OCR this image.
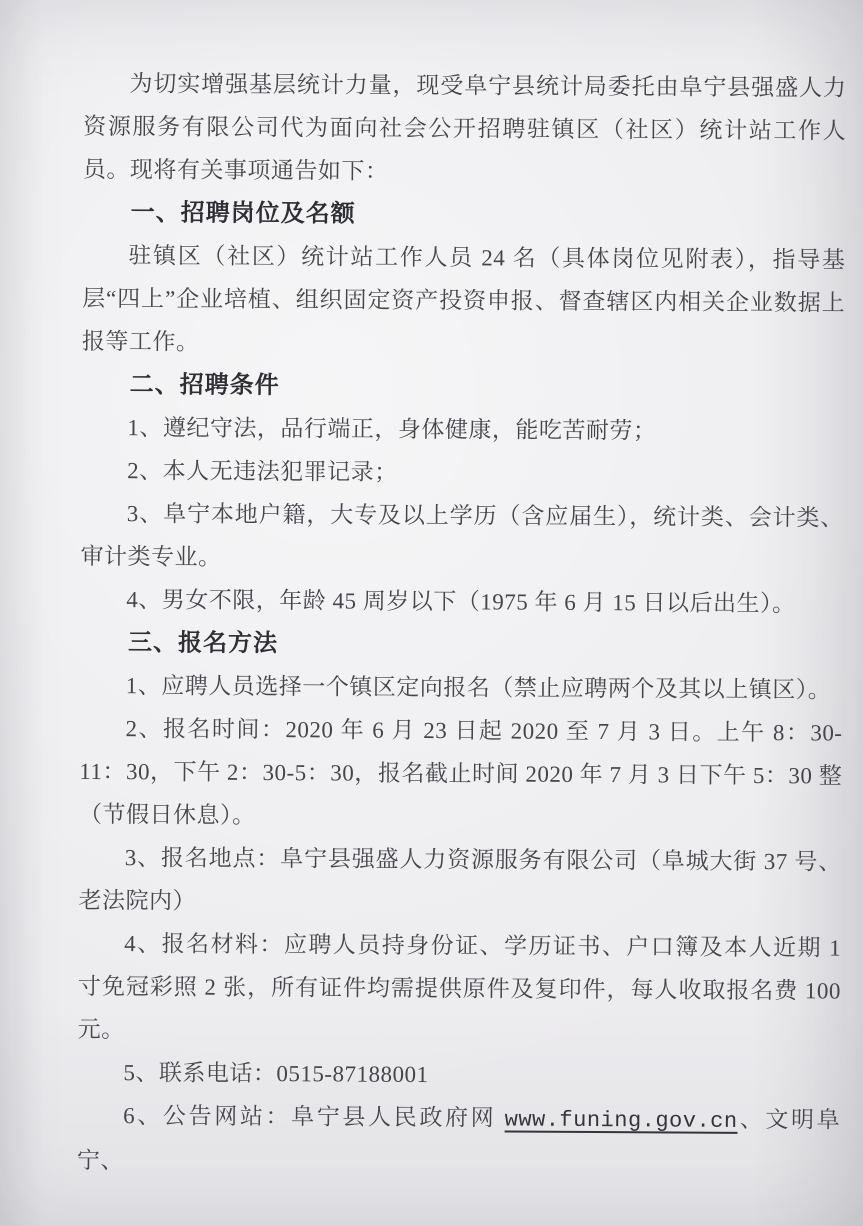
为切实增强基层统计力量，现受阜宁县统计局委托由阜宁县强盛人力资源服务有限公司代为面向社会公开招聘驻镇区（社区）统计站工作人员。现将有关事项通告如下：

一、招聘岗位及名额

驻镇区（社区）统计站工作人员 24 名（具体岗位见附表），指导基层“四上”企业培植、组织固定资产投资申报、督查辖区内相关企业数据上报等工作。

二、招聘条件

1、遵纪守法，品行端正，身体健康，能吃苦耐劳；

2、本人无违法犯罪记录；

3、阜宁本地户籍，大专及以上学历（含应届生），统计类、会计类、审计类专业。

4、男女不限，年龄 45 周岁以下（1975 年 6 月 15 日以后出生）。

三、报名方法

1、应聘人员选择一个镇区定向报名（禁止应聘两个及其以上镇区）。

2、报名时间：2020 年 6 月 23 日起 2020 至 7 月 3 日。上午 8：30-11：30，下午 2：30-5：30，报名截止时间 2020 年 7 月 3 日下午 5：30 整（节假日休息）。

3、报名地点：阜宁县强盛人力资源服务有限公司（阜城大街 37 号、老法院内）

4、报名材料：应聘人员持身份证、学历证书、户口簿及本人近期 1 寸免冠彩照 2 张，所有证件均需提供原件及复印件，每人收取报名费 100 元。

5、联系电话：0515-87188001

6、公告网站：阜宁县人民政府网 www.funing.gov.cn、文明阜宁、
